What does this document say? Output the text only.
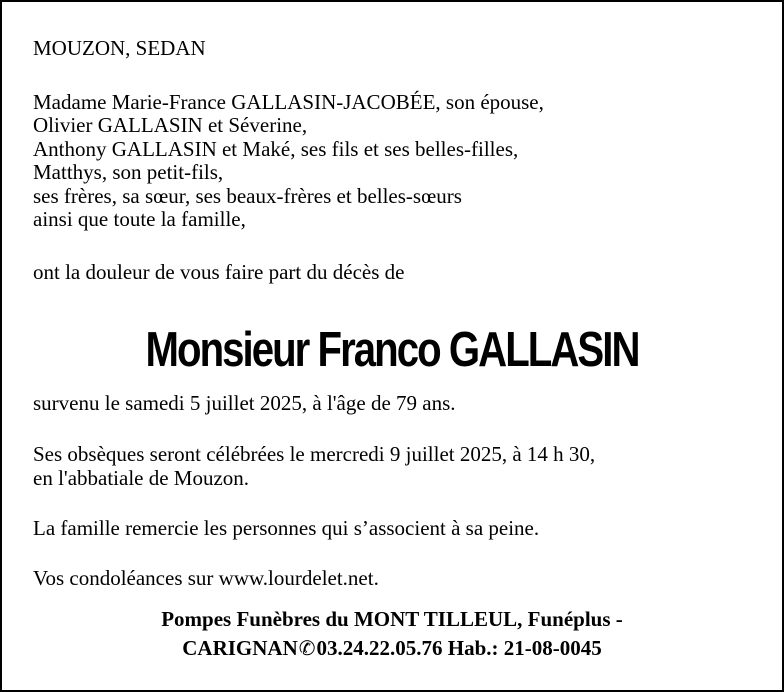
MOUZON, SEDAN
Madame Marie-France GALLASIN-JACOBÉE, son épouse,
Olivier GALLASIN et Séverine,
Anthony GALLASIN et Maké, ses fils et ses belles-filles,
Matthys, son petit-fils,
ses frères, sa sœur, ses beaux-frères et belles-sœurs
ainsi que toute la famille,
ont la douleur de vous faire part du décès de
Monsieur Franco GALLASIN
survenu le samedi 5 juillet 2025, à l'âge de 79 ans.
Ses obsèques seront célébrées le mercredi 9 juillet 2025, à 14 h 30,
en l'abbatiale de Mouzon.
La famille remercie les personnes qui s’associent à sa peine.
Vos condoléances sur www.lourdelet.net.
Pompes Funèbres du MONT TILLEUL, Funéplus -
CARIGNAN✆03.24.22.05.76 Hab.: 21-08-0045
